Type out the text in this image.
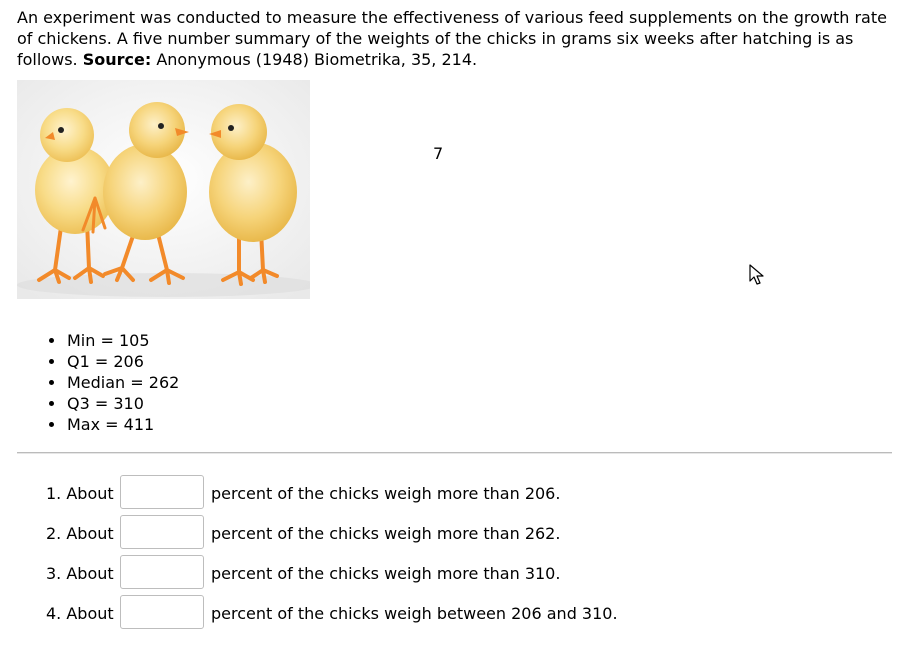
An experiment was conducted to measure the effectiveness of various feed supplements on the growth rate of chickens. A five number summary of the weights of the chicks in grams six weeks after hatching is as follows. Source: Anonymous (1948) Biometrika, 35, 214.

7
Min = 105
Q1 = 206
Median = 262
Q3 = 310
Max = 411
1. About	percent of the chicks weigh more than 206.
2. About	percent of the chicks weigh more than 262.
3. About	percent of the chicks weigh more than 310.
4. About	percent of the chicks weigh between 206 and 310.
